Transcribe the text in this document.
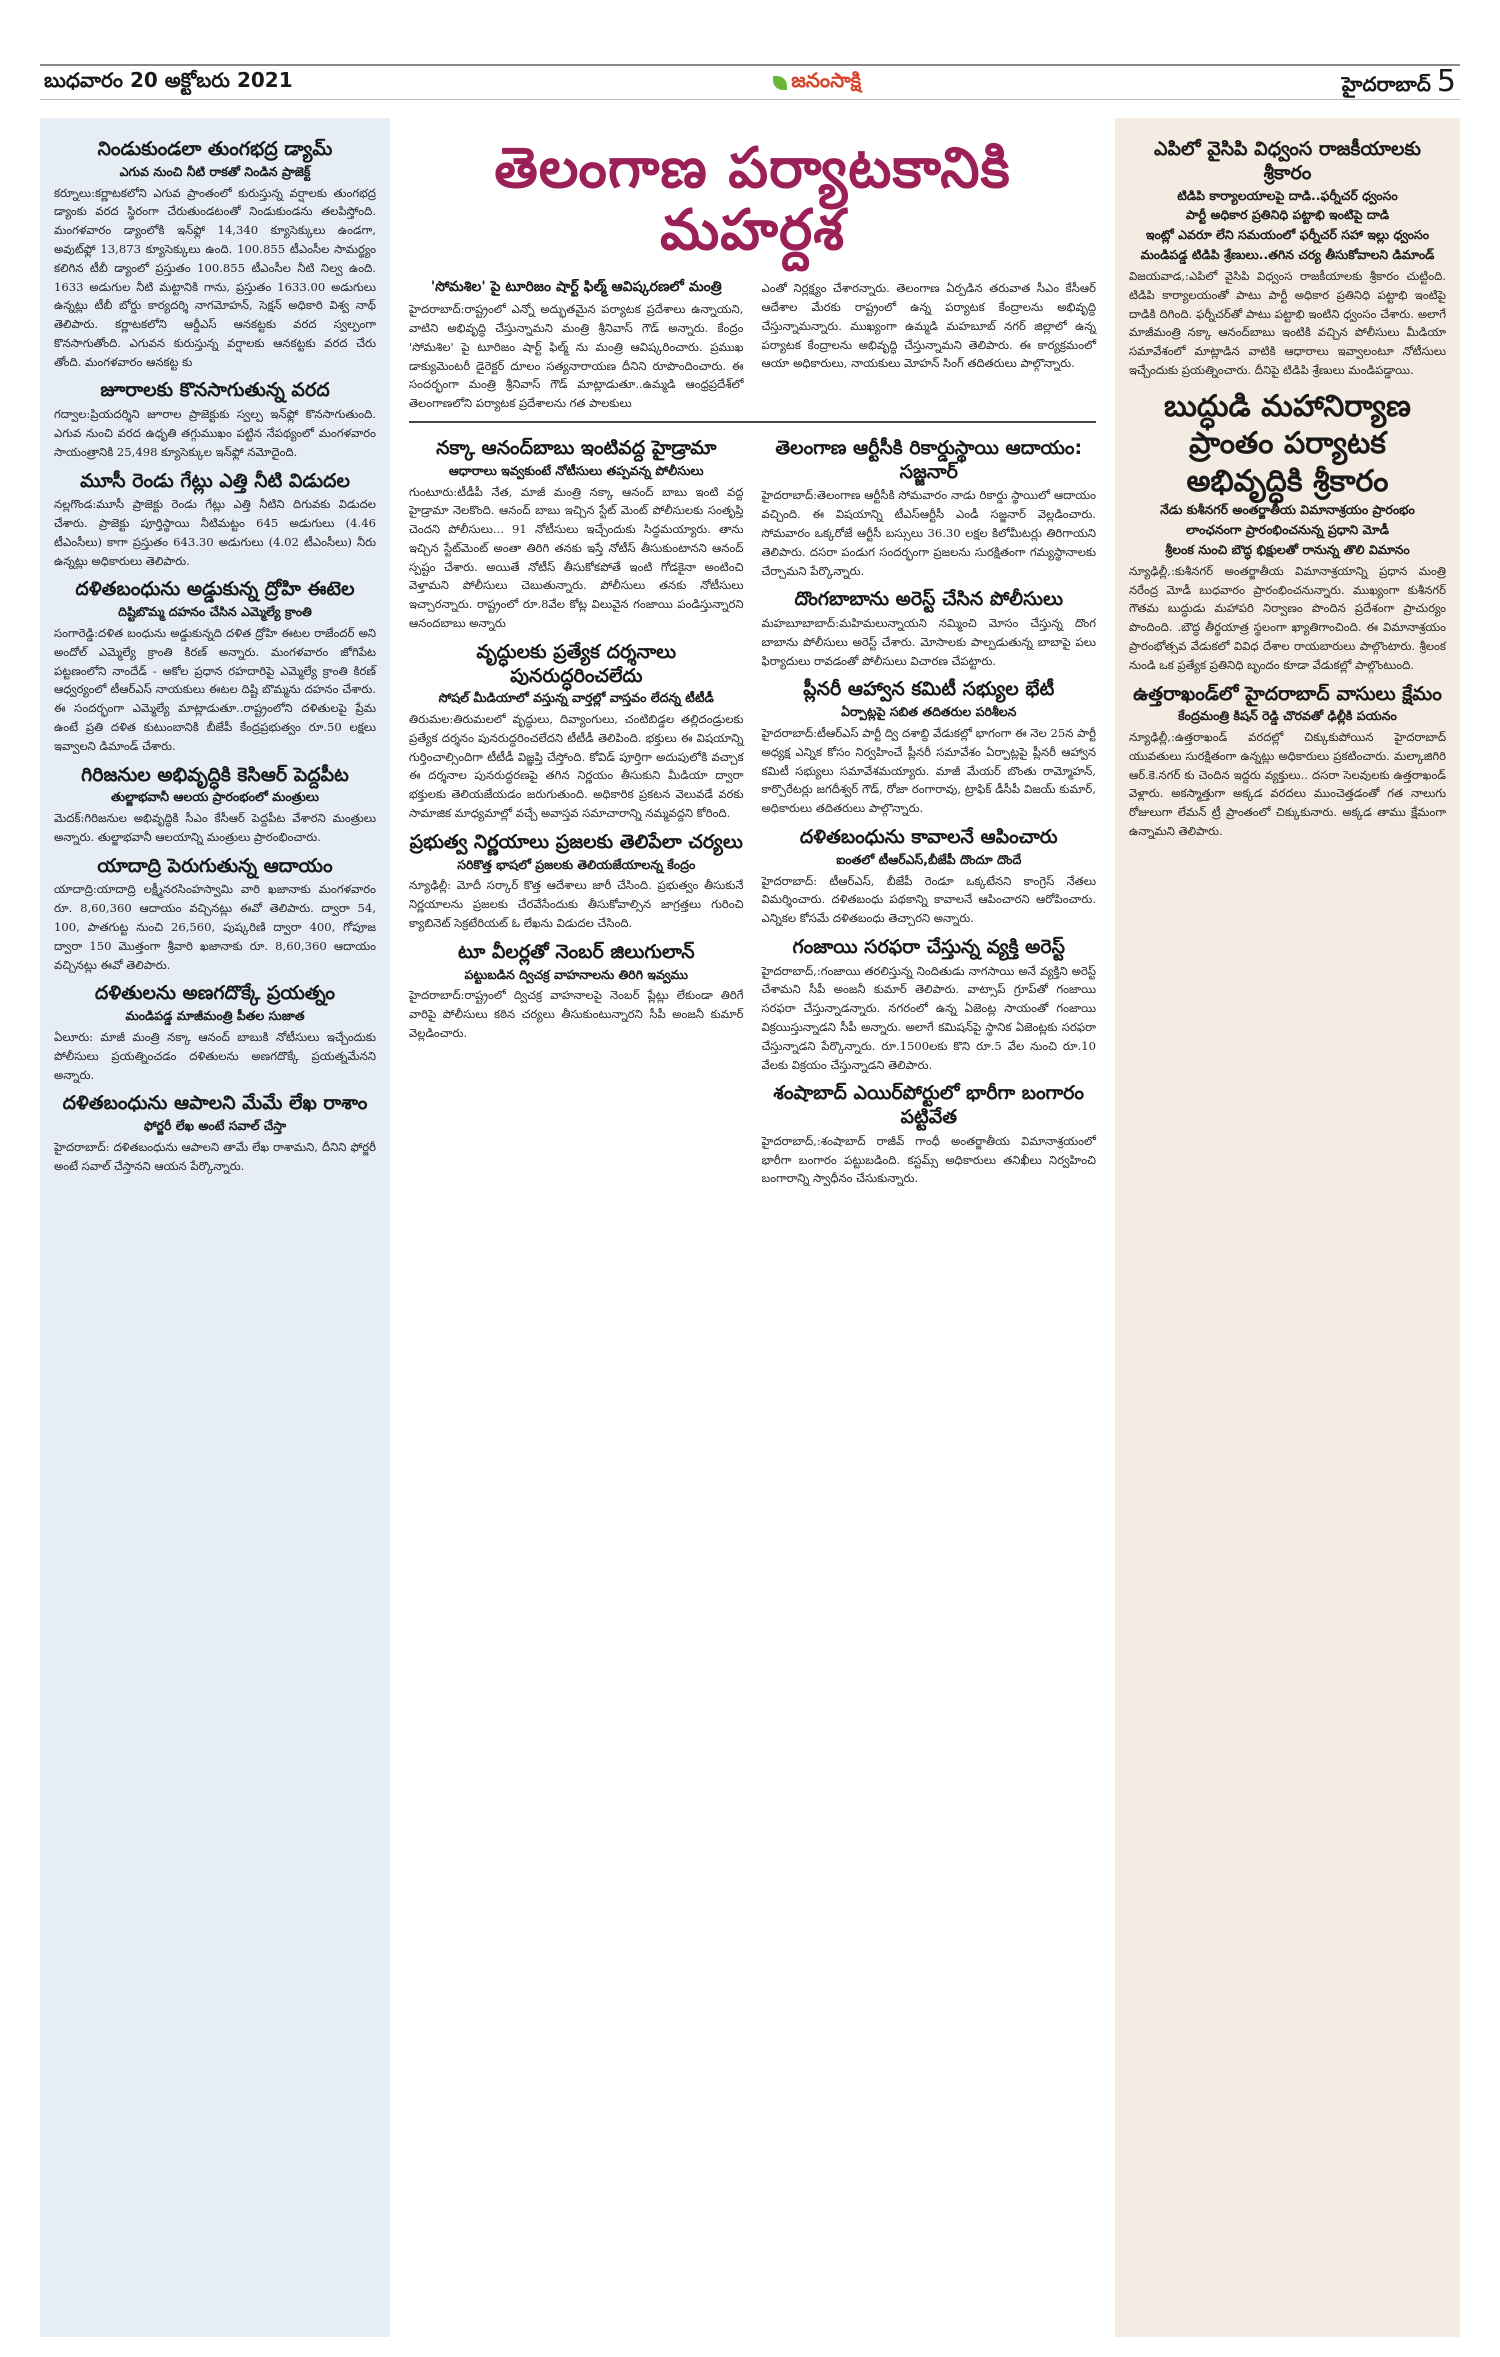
బుధవారం 20 అక్టోబరు 2021	జనంసాక్షి	హైదరాబాద్ 5
నిండుకుండలా తుంగభద్ర డ్యామ్
ఎగువ నుంచి నీటి రాకతో నిండిన ప్రాజెక్ట్

కర్నూలు:కర్ణాటకలోని ఎగువ ప్రాంతంలో కురుస్తున్న వర్షాలకు తుంగభద్ర డ్యాంకు వరద స్థిరంగా చేరుతుండటంతో నిండుకుండను తలపిస్తోంది. మంగళవారం డ్యాంలోకి ఇన్‌ఫ్లో 14,340 క్యూసెక్కులు ఉండగా, అవుట్‌ఫ్లో 13,873 క్యూసెక్కులు ఉంది. 100.855 టీఎంసీల సామర్థ్యం కలిగిన టీబీ డ్యాంలో ప్రస్తుతం 100.855 టీఎంసీల నీటి నిల్వ ఉంది. 1633 అడుగుల నీటి మట్టానికి గాను, ప్రస్తుతం 1633.00 అడుగులు ఉన్నట్లు టీబీ బోర్డు కార్యదర్శి నాగమోహన్, సెక్షన్ అధికారి విశ్వ నాథ్ తెలిపారు. కర్ణాటకలోని ఆర్డీఎస్ ఆనకట్టకు వరద స్వల్పంగా కొనసాగుతోంది. ఎగువన కురుస్తున్న వర్షాలకు ఆనకట్టకు వరద చేరు తోంది. మంగళవారం ఆనకట్ట కు

జూరాలకు కొనసాగుతున్న వరద

గద్వాల:ప్రియదర్శిని జూరాల ప్రాజెక్టుకు స్వల్ప ఇన్‌ఫ్లో కొనసాగుతుంది. ఎగువ నుంచి వరద ఉధృతి తగ్గుముఖం పట్టిన నేపథ్యంలో మంగళవారం సాయంత్రానికి 25,498 క్యూసెక్కుల ఇన్‌ఫ్లో నమోదైంది.

మూసీ రెండు గేట్లు ఎత్తి నీటి విడుదల

నల్లగొండ:మూసీ ప్రాజెక్టు రెండు గేట్లు ఎత్తి నీటిని దిగువకు విడుదల చేశారు. ప్రాజెక్టు పూర్తిస్థాయి నీటిమట్టం 645 అడుగులు (4.46 టీఎంసీలు) కాగా ప్రస్తుతం 643.30 అడుగులు (4.02 టీఎంసీలు) నీరు ఉన్నట్లు అధికారులు తెలిపారు.

దళితబంధును అడ్డుకున్న ద్రోహి ఈటెల
దిష్టిబొమ్మ దహనం చేసిన ఎమ్మెల్యే క్రాంతి

సంగారెడ్డి:దళిత బంధును అడ్డుకున్నది దళిత ద్రోహి ఈటల రాజేందర్ అని అందోల్ ఎమ్మెల్యే క్రాంతి కిరణ్ అన్నారు. మంగళవారం జోగిపేట పట్టణంలోని నాందేడ్ - అకోల ప్రధాన రహదారిపై ఎమ్మెల్యే క్రాంతి కిరణ్ ఆధ్వర్యంలో టీఆర్ఎస్ నాయకులు ఈటల దిష్టి బొమ్మను దహనం చేశారు. ఈ సందర్భంగా ఎమ్మెల్యే మాట్లాడుతూ..రాష్ట్రంలోని దళితులపై ప్రేమ ఉంటే ప్రతి దళిత కుటుంబానికి బీజేపీ కేంద్రప్రభుత్వం రూ.50 లక్షలు ఇవ్వాలని డిమాండ్ చేశారు.

గిరిజనుల అభివృద్ధికి కెసిఆర్ పెద్దపీట
తుల్జాభవానీ ఆలయ ప్రారంభంలో మంత్రులు

మెదక్:గిరిజనుల అభివృద్ధికి సీఎం కేసీఆర్ పెద్దపీట వేశారని మంత్రులు అన్నారు. తుల్జాభవానీ ఆలయాన్ని మంత్రులు ప్రారంభించారు.

యాదాద్రి పెరుగుతున్న ఆదాయం

యాదాద్రి:యాదాద్రి లక్ష్మీనరసింహస్వామి వారి ఖజానాకు మంగళవారం రూ. 8,60,360 ఆదాయం వచ్చినట్లు ఈవో తెలిపారు. ద్వారా 54, 100, పాతగుట్ట నుంచి 26,560, పుష్కరిణి ద్వారా 400, గోపూజ ద్వారా 150 మొత్తంగా శ్రీవారి ఖజానాకు రూ. 8,60,360 ఆదాయం వచ్చినట్లు ఈవో తెలిపారు.

దళితులను అణగదొక్కే ప్రయత్నం
మండిపడ్డ మాజీమంత్రి పీతల సుజాత

ఏలూరు: మాజీ మంత్రి నక్కా ఆనంద్ బాబుకి నోటీసులు ఇచ్చేందుకు పోలీసులు ప్రయత్నించడం దళితులను అణగదొక్కే ప్రయత్నమేనని అన్నారు.

దళితబంధును ఆపాలని మేమే లేఖ రాశాం
ఫోర్జరీ లేఖ అంటే సవాల్ చేస్తా

హైదరాబాద్: దళితబంధును ఆపాలని తామే లేఖ రాశామని, దీనిని ఫోర్జరీ అంటే సవాల్ చేస్తానని ఆయన పేర్కొన్నారు.

తెలంగాణ పర్యాటకానికి మహర్దశ
'సోమశిల' పై టూరిజం షార్ట్ ఫిల్మ్ ఆవిష్కరణలో మంత్రి

హైదరాబాద్:రాష్ట్రంలో ఎన్నో అద్భుతమైన పర్యాటక ప్రదేశాలు ఉన్నాయని, వాటిని అభివృద్ధి చేస్తున్నామని మంత్రి శ్రీనివాస్ గౌడ్ అన్నారు. కేంద్రం 'సోమశిల' పై టూరిజం షార్ట్ ఫిల్మ్ ను మంత్రి ఆవిష్కరించారు. ప్రముఖ డాక్యుమెంటరీ డైరెక్టర్ దూలం సత్యనారాయణ దీనిని రూపొందించారు. ఈ సందర్భంగా మంత్రి శ్రీనివాస్ గౌడ్ మాట్లాడుతూ..ఉమ్మడి ఆంధ్రప్రదేశ్‌లో తెలంగాణలోని పర్యాటక ప్రదేశాలను గత పాలకులు

ఎంతో నిర్లక్ష్యం చేశారన్నారు. తెలంగాణ ఏర్పడిన తరువాత సీఎం కేసీఆర్ ఆదేశాల మేరకు రాష్ట్రంలో ఉన్న పర్యాటక కేంద్రాలను అభివృద్ధి చేస్తున్నామన్నారు. ముఖ్యంగా ఉమ్మడి మహబూబ్ నగర్ జిల్లాలో ఉన్న పర్యాటక కేంద్రాలను అభివృద్ధి చేస్తున్నామని తెలిపారు. ఈ కార్యక్రమంలో ఆయా అధికారులు, నాయకులు మోహన్ సింగ్ తదితరులు పాల్గొన్నారు.

నక్కా ఆనంద్‌బాబు ఇంటివద్ద హైడ్రామా
ఆధారాలు ఇవ్వకుంటే నోటీసులు తప్పవన్న పోలీసులు

గుంటూరు:టీడీపీ నేత, మాజీ మంత్రి నక్కా ఆనంద్ బాబు ఇంటి వద్ద హైడ్రామా నెలకొంది. ఆనంద్ బాబు ఇచ్చిన స్టేట్ మెంట్ పోలీసులకు సంతృప్తి చెందని పోలీసులు... 91 నోటీసులు ఇచ్చేందుకు సిద్ధమయ్యారు. తాను ఇచ్చిన స్టేట్‌మెంట్ అంతా తిరిగి తనకు ఇస్తే నోటీస్ తీసుకుంటానని ఆనంద్ స్పష్టం చేశారు. అయితే నోటీస్ తీసుకోకపోతే ఇంటి గోడకైనా అంటించి వెళ్తామని పోలీసులు చెబుతున్నారు. పోలీసులు తనకు నోటీసులు ఇచ్చారన్నారు. రాష్ట్రంలో రూ.8వేల కోట్ల విలువైన గంజాయి పండిస్తున్నారని ఆనందబాబు అన్నారు

వృద్ధులకు ప్రత్యేక దర్శనాలు పునరుద్ధరించలేదు
సోషల్ మీడియాలో వస్తున్న వార్తల్లో వాస్తవం లేదన్న టీటీడీ

తిరుమల:తిరుమలలో వృద్ధులు, దివ్యాంగులు, చంటిబిడ్డల తల్లిదండ్రులకు ప్రత్యేక దర్శనం పునరుద్ధరించలేదని టీటీడీ తెలిపింది. భక్తులు ఈ విషయాన్ని గుర్తించాల్సిందిగా టీటీడీ విజ్ఞప్తి చేస్తోంది. కోవిడ్ పూర్తిగా అదుపులోకి వచ్చాక ఈ దర్శనాల పునరుద్ధరణపై తగిన నిర్ణయం తీసుకుని మీడియా ద్వారా భక్తులకు తెలియజేయడం జరుగుతుంది. అధికారిక ప్రకటన వెలువడే వరకు సామాజిక మాధ్యమాల్లో వచ్చే అవాస్తవ సమాచారాన్ని నమ్మవద్దని కోరింది.

ప్రభుత్వ నిర్ణయాలు ప్రజలకు తెలిపేలా చర్యలు
సరికొత్త భాషలో ప్రజలకు తెలియజేయాలన్న కేంద్రం

న్యూఢిల్లీ: మోదీ సర్కార్ కొత్త ఆదేశాలు జారీ చేసింది. ప్రభుత్వం తీసుకునే నిర్ణయాలను ప్రజలకు చేరవేసేందుకు తీసుకోవాల్సిన జాగ్రత్తలు గురించి క్యాబినెట్ సెక్రటేరియట్ ఓ లేఖను విడుదల చేసింది.

టూ వీలర్లతో నెంబర్ జిలుగులాన్
పట్టుబడిన ద్విచక్ర వాహనాలను తిరిగి ఇవ్వము

హైదరాబాద్:రాష్ట్రంలో ద్విచక్ర వాహనాలపై నెంబర్ ప్లేట్లు లేకుండా తిరిగే వారిపై పోలీసులు కఠిన చర్యలు తీసుకుంటున్నారని సీపీ అంజనీ కుమార్ వెల్లడించారు.

తెలంగాణ ఆర్టీసీకి రికార్డుస్థాయి ఆదాయం: సజ్జనార్

హైదరాబాద్:తెలంగాణ ఆర్టీసీకి సోమవారం నాడు రికార్డు స్థాయిలో ఆదాయం వచ్చింది. ఈ విషయాన్ని టీఎస్ఆర్టీసీ ఎండీ సజ్జనార్ వెల్లడించారు. సోమవారం ఒక్కరోజే ఆర్టీసీ బస్సులు 36.30 లక్షల కిలోమీటర్లు తిరిగాయని తెలిపారు. దసరా పండుగ సందర్భంగా ప్రజలను సురక్షితంగా గమ్యస్థానాలకు చేర్చామని పేర్కొన్నారు.

దొంగబాబాను అరెస్ట్ చేసిన పోలీసులు

మహబూబాబాద్:మహిమలున్నాయని నమ్మించి మోసం చేస్తున్న దొంగ బాబాను పోలీసులు అరెస్ట్ చేశారు. మోసాలకు పాల్పడుతున్న బాబాపై పలు ఫిర్యాదులు రావడంతో పోలీసులు విచారణ చేపట్టారు.

ప్లీనరీ ఆహ్వాన కమిటీ సభ్యుల భేటీ
ఏర్పాట్లపై సబిత తదితరుల పరిశీలన

హైదరాబాద్:టీఆర్ఎస్ పార్టీ ద్వి దశాబ్ది వేడుకల్లో భాగంగా ఈ నెల 25న పార్టీ అధ్యక్ష ఎన్నిక కోసం నిర్వహించే ప్లీనరీ సమావేశం ఏర్పాట్లపై ప్లీనరీ ఆహ్వాన కమిటీ సభ్యులు సమావేశమయ్యారు. మాజీ మేయర్ బొంతు రామ్మోహన్, కార్పొరేటర్లు జగదీశ్వర్ గౌడ్, రోజా రంగారావు, ట్రాఫిక్ డీసీపీ విజయ్ కుమార్, అధికారులు తదితరులు పాల్గొన్నారు.

దళితబంధును కావాలనే ఆపించారు
ఐంతలో టీఆర్ఎస్,బీజేపీ దొందూ దొందే

హైదరాబాద్: టీఆర్ఎస్, బీజేపీ రెండూ ఒక్కటేనని కాంగ్రెస్ నేతలు విమర్శించారు. దళితబంధు పథకాన్ని కావాలనే ఆపించారని ఆరోపించారు. ఎన్నికల కోసమే దళితబంధు తెచ్చారని అన్నారు.

గంజాయి సరఫరా చేస్తున్న వ్యక్తి అరెస్ట్

హైదరాబాద్,:గంజాయి తరలిస్తున్న నిందితుడు నాగసాయి అనే వ్యక్తిని అరెస్ట్ చేశామని సీపీ అంజనీ కుమార్ తెలిపారు. వాట్సాప్ గ్రూప్‌తో గంజాయి సరఫరా చేస్తున్నాడన్నారు. నగరంలో ఉన్న ఏజెంట్ల సాయంతో గంజాయి విక్రయిస్తున్నాడని సీపీ అన్నారు. అలాగే కమిషన్‌పై స్థానిక ఏజెంట్లకు సరఫరా చేస్తున్నాడని పేర్కొన్నారు. రూ.1500లకు కొని రూ.5 వేల నుంచి రూ.10 వేలకు విక్రయం చేస్తున్నాడని తెలిపారు.

శంషాబాద్ ఎయిర్‌పోర్టులో భారీగా బంగారం పట్టివేత

హైదరాబాద్,:శంషాబాద్ రాజీవ్ గాంధీ అంతర్జాతీయ విమానాశ్రయంలో భారీగా బంగారం పట్టుబడింది. కస్టమ్స్ అధికారులు తనిఖీలు నిర్వహించి బంగారాన్ని స్వాధీనం చేసుకున్నారు.

ఎపిలో వైసిపి విధ్వంస రాజకీయాలకు శ్రీకారం
టిడిపి కార్యాలయాలపై దాడి..ఫర్నీచర్ ధ్వంసం
పార్టీ అధికార ప్రతినిధి పట్టాభి ఇంటిపై దాడి
ఇంట్లో ఎవరూ లేని సమయంలో ఫర్నీచర్ సహా ఇల్లు ధ్వంసం
మండిపడ్డ టిడిపి శ్రేణులు..తగిన చర్య తీసుకోవాలని డిమాండ్

విజయవాడ,:ఎపిలో వైసిపి విధ్వంస రాజకీయాలకు శ్రీకారం చుట్టింది. టిడిపి కార్యాలయంతో పాటు పార్టీ అధికార ప్రతినిధి పట్టాభి ఇంటిపై దాడికి దిగింది. ఫర్నీచర్‌తో పాటు పట్టాభి ఇంటిని ధ్వంసం చేశారు. అలాగే మాజీమంత్రి నక్కా ఆనంద్‌బాబు ఇంటికి వచ్చిన పోలీసులు మీడియా సమావేశంలో మాట్లాడిన వాటికి ఆధారాలు ఇవ్వాలంటూ నోటీసులు ఇచ్చేందుకు ప్రయత్నించారు. దీనిపై టిడిపి శ్రేణులు మండిపడ్డాయి.

బుద్ధుడి మహానిర్యాణ ప్రాంతం పర్యాటక అభివృద్ధికి శ్రీకారం
నేడు కుశీనగర్ అంతర్జాతీయ విమానాశ్రయం ప్రారంభం
లాంఛనంగా ప్రారంభించనున్న ప్రధాని మోడీ
శ్రీలంక నుంచి బౌద్ధ భిక్షులతో రానున్న తొలి విమానం

న్యూఢిల్లీ,:కుశీనగర్ అంతర్జాతీయ విమానాశ్రయాన్ని ప్రధాన మంత్రి నరేంద్ర మోడీ బుధవారం ప్రారంభించనున్నారు. ముఖ్యంగా కుశీనగర్ గౌతమ బుద్ధుడు మహాపరి నిర్వాణం పొందిన ప్రదేశంగా ప్రాచుర్యం పొందింది. .బౌద్ధ తీర్థయాత్ర స్థలంగా ఖ్యాతిగాంచింది. ఈ విమానాశ్రయం ప్రారంభోత్సవ వేడుకలో వివిధ దేశాల రాయబారులు పాల్గొంటారు. శ్రీలంక నుండి ఒక ప్రత్యేక ప్రతినిధి బృందం కూడా వేడుకల్లో పాల్గొంటుంది.

ఉత్తరాఖండ్‌లో హైదరాబాద్ వాసులు క్షేమం
కేంద్రమంత్రి కిషన్ రెడ్డి చొరవతో ఢిల్లీకి పయనం

న్యూఢిల్లీ,:ఉత్తరాఖండ్ వరదల్లో చిక్కుకుపోయిన హైదరాబాద్ యువతులు సురక్షితంగా ఉన్నట్లు అధికారులు ప్రకటించారు. మల్కాజిగిరి ఆర్.కె.నగర్ కు చెందిన ఇద్దరు వ్యక్తులు.. దసరా సెలవులకు ఉత్తరాఖండ్ వెళ్లారు. అకస్మాత్తుగా అక్కడ వరదలు ముంచెత్తడంతో గత నాలుగు రోజులుగా లేమన్ ట్రీ ప్రాంతంలో చిక్కుకునారు. అక్కడ తాము క్షేమంగా ఉన్నామని తెలిపారు.
